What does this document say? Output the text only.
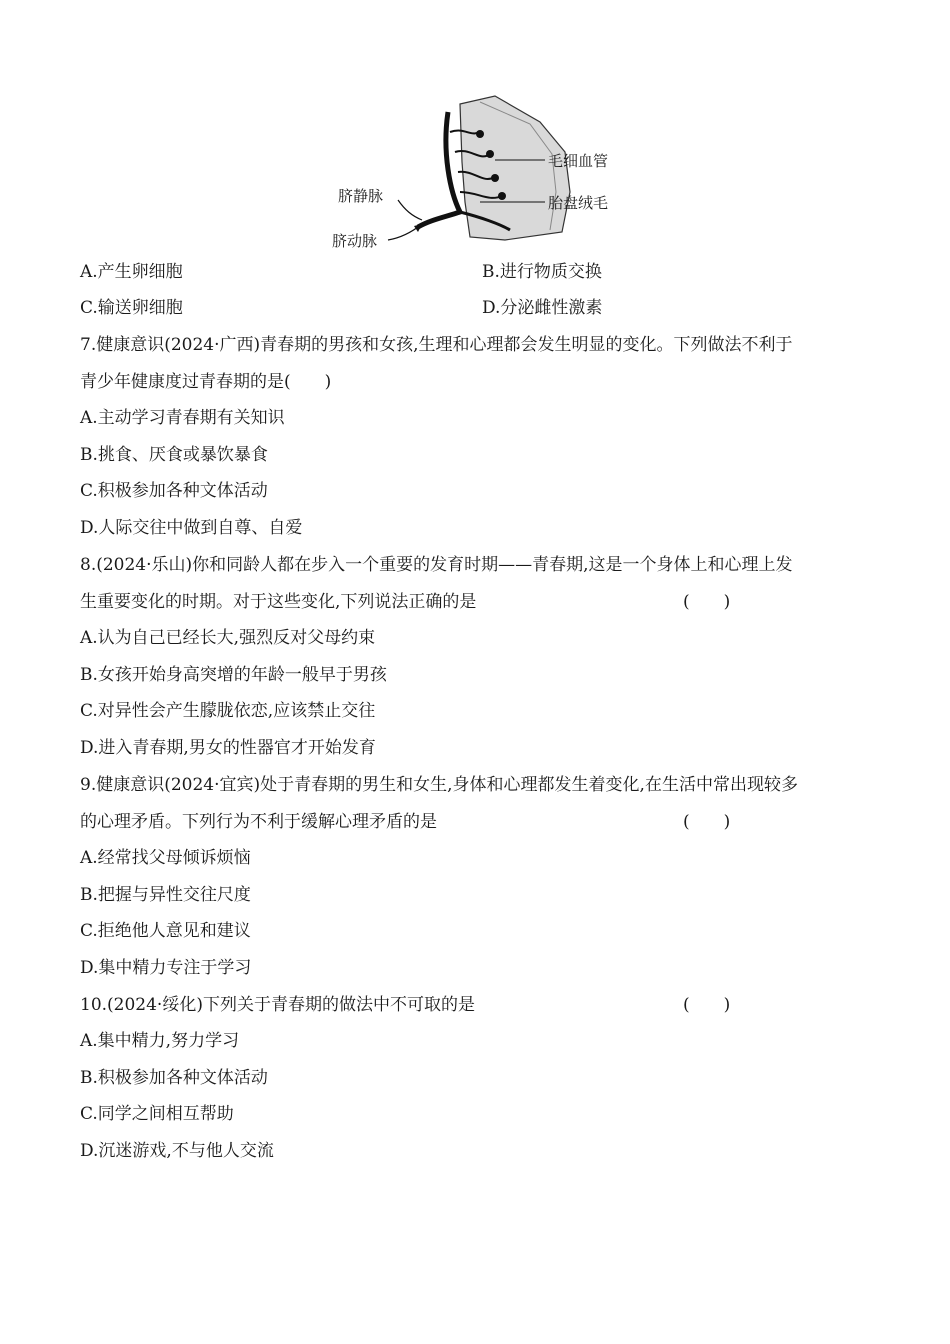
毛细血管
胎盘绒毛
脐静脉
脐动脉
A.产生卵细胞	B.进行物质交换
C.输送卵细胞	D.分泌雌性激素
7.健康意识(2024·广西)青春期的男孩和女孩,生理和心理都会发生明显的变化。下列做法不利于
青少年健康度过青春期的是(　　)
A.主动学习青春期有关知识
B.挑食、厌食或暴饮暴食
C.积极参加各种文体活动
D.人际交往中做到自尊、自爱
8.(2024·乐山)你和同龄人都在步入一个重要的发育时期——青春期,这是一个身体上和心理上发
生重要变化的时期。对于这些变化,下列说法正确的是	(　　)
A.认为自己已经长大,强烈反对父母约束
B.女孩开始身高突增的年龄一般早于男孩
C.对异性会产生朦胧依恋,应该禁止交往
D.进入青春期,男女的性器官才开始发育
9.健康意识(2024·宜宾)处于青春期的男生和女生,身体和心理都发生着变化,在生活中常出现较多
的心理矛盾。下列行为不利于缓解心理矛盾的是	(　　)
A.经常找父母倾诉烦恼
B.把握与异性交往尺度
C.拒绝他人意见和建议
D.集中精力专注于学习
10.(2024·绥化)下列关于青春期的做法中不可取的是	(　　)
A.集中精力,努力学习
B.积极参加各种文体活动
C.同学之间相互帮助
D.沉迷游戏,不与他人交流
